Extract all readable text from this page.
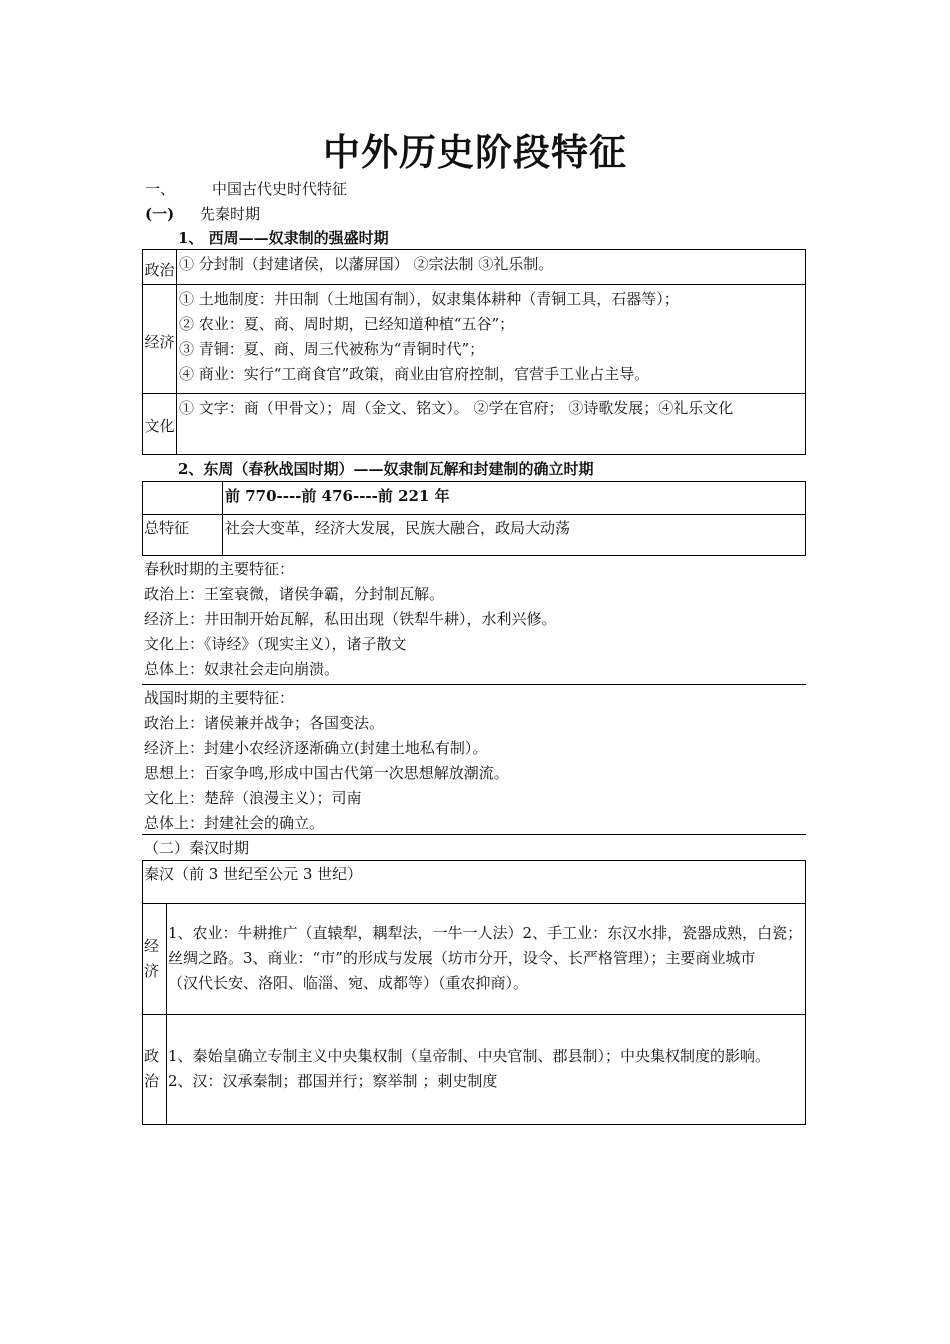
中外历史阶段特征
一、 中国古代史时代特征
(一) 先秦时期
1、 西周——奴隶制的强盛时期
政治 ① 分封制（封建诸侯，以藩屏国） ②宗法制 ③礼乐制。
经济
① 土地制度：井田制（土地国有制），奴隶集体耕种（青铜工具，石器等）；
② 农业：夏、商、周时期，已经知道种植“五谷”；
③ 青铜：夏、商、周三代被称为“青铜时代”；
④ 商业：实行“工商食官”政策，商业由官府控制，官营手工业占主导。
文化
① 文字：商（甲骨文）；周（金文、铭文）。 ②学在官府； ③诗歌发展；④礼乐文化
2、东周（春秋战国时期）——奴隶制瓦解和封建制的确立时期
前 770----前 476----前 221 年
总特征 社会大变革，经济大发展，民族大融合，政局大动荡
春秋时期的主要特征：
政治上：王室衰微，诸侯争霸，分封制瓦解。
经济上：井田制开始瓦解，私田出现（铁犁牛耕），水利兴修。
文化上：《诗经》（现实主义），诸子散文
总体上：奴隶社会走向崩溃。
战国时期的主要特征：
政治上：诸侯兼并战争；各国变法。
经济上：封建小农经济逐渐确立(封建土地私有制）。
思想上：百家争鸣,形成中国古代第一次思想解放潮流。
文化上：楚辞（浪漫主义）；司南
总体上：封建社会的确立。
（二）秦汉时期
秦汉（前 3 世纪至公元 3 世纪）
经
济
1、农业：牛耕推广（直辕犁，耦犁法，一牛一人法）2、手工业：东汉水排，瓷器成熟，白瓷；
丝绸之路。3、商业：“市”的形成与发展（坊市分开，设令、长严格管理）；主要商业城市
（汉代长安、洛阳、临淄、宛、成都等）（重农抑商）。
政
治
1、秦始皇确立专制主义中央集权制（皇帝制、中央官制、郡县制）；中央集权制度的影响。
2、汉：汉承秦制；郡国并行；察举制 ；刺史制度
